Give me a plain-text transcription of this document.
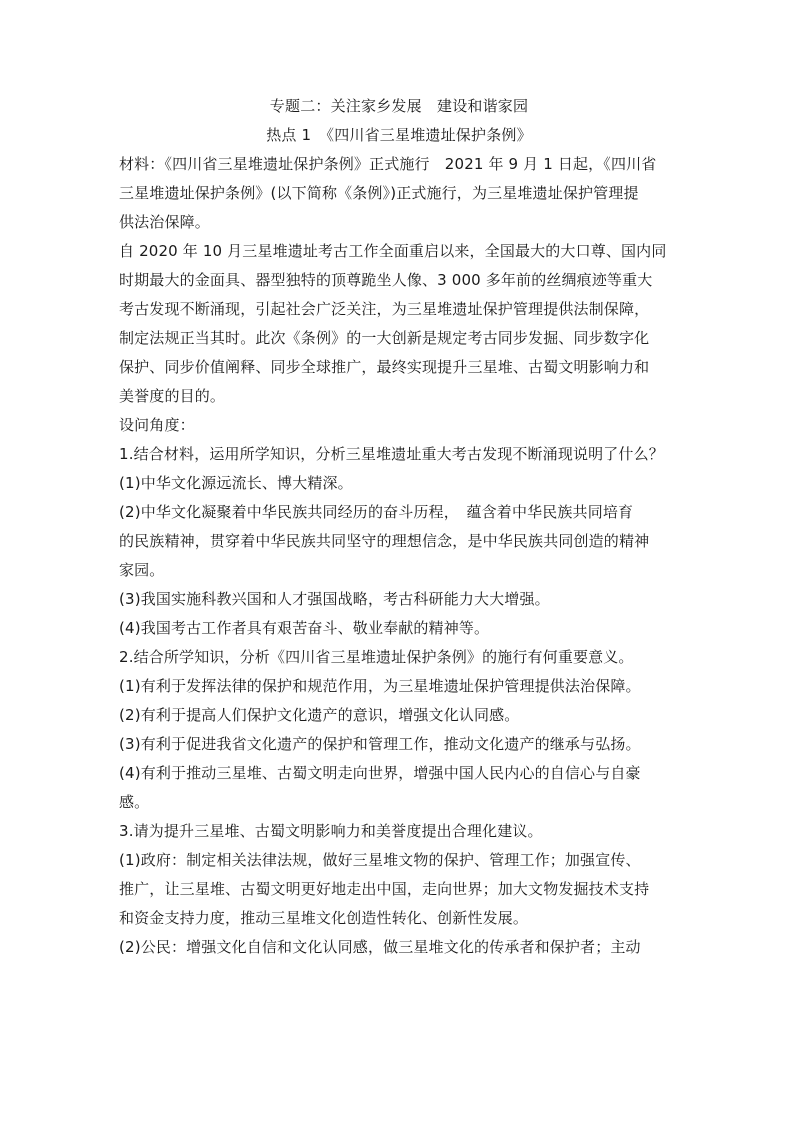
专题二：关注家乡发展　建设和谐家园

热点 1　《四川省三星堆遗址保护条例》

材料：《四川省三星堆遗址保护条例》正式施行　2021 年 9 月 1 日起，《四川省

三星堆遗址保护条例》(以下简称《条例》)正式施行，为三星堆遗址保护管理提

供法治保障。

自 2020 年 10 月三星堆遗址考古工作全面重启以来，全国最大的大口尊、国内同

时期最大的金面具、器型独特的顶尊跪坐人像、3 000 多年前的丝绸痕迹等重大

考古发现不断涌现，引起社会广泛关注，为三星堆遗址保护管理提供法制保障，

制定法规正当其时。此次《条例》的一大创新是规定考古同步发掘、同步数字化

保护、同步价值阐释、同步全球推广，最终实现提升三星堆、古蜀文明影响力和

美誉度的目的。

设问角度：

1.结合材料，运用所学知识，分析三星堆遗址重大考古发现不断涌现说明了什么？

(1)中华文化源远流长、博大精深。

(2)中华文化凝聚着中华民族共同经历的奋斗历程，　蕴含着中华民族共同培育

的民族精神，贯穿着中华民族共同坚守的理想信念，是中华民族共同创造的精神

家园。

(3)我国实施科教兴国和人才强国战略，考古科研能力大大增强。

(4)我国考古工作者具有艰苦奋斗、敬业奉献的精神等。

2.结合所学知识，分析《四川省三星堆遗址保护条例》的施行有何重要意义。

(1)有利于发挥法律的保护和规范作用，为三星堆遗址保护管理提供法治保障。

(2)有利于提高人们保护文化遗产的意识，增强文化认同感。

(3)有利于促进我省文化遗产的保护和管理工作，推动文化遗产的继承与弘扬。

(4)有利于推动三星堆、古蜀文明走向世界，增强中国人民内心的自信心与自豪

感。

3.请为提升三星堆、古蜀文明影响力和美誉度提出合理化建议。

(1)政府：制定相关法律法规，做好三星堆文物的保护、管理工作；加强宣传、

推广，让三星堆、古蜀文明更好地走出中国，走向世界；加大文物发掘技术支持

和资金支持力度，推动三星堆文化创造性转化、创新性发展。

(2)公民：增强文化自信和文化认同感，做三星堆文化的传承者和保护者；主动
